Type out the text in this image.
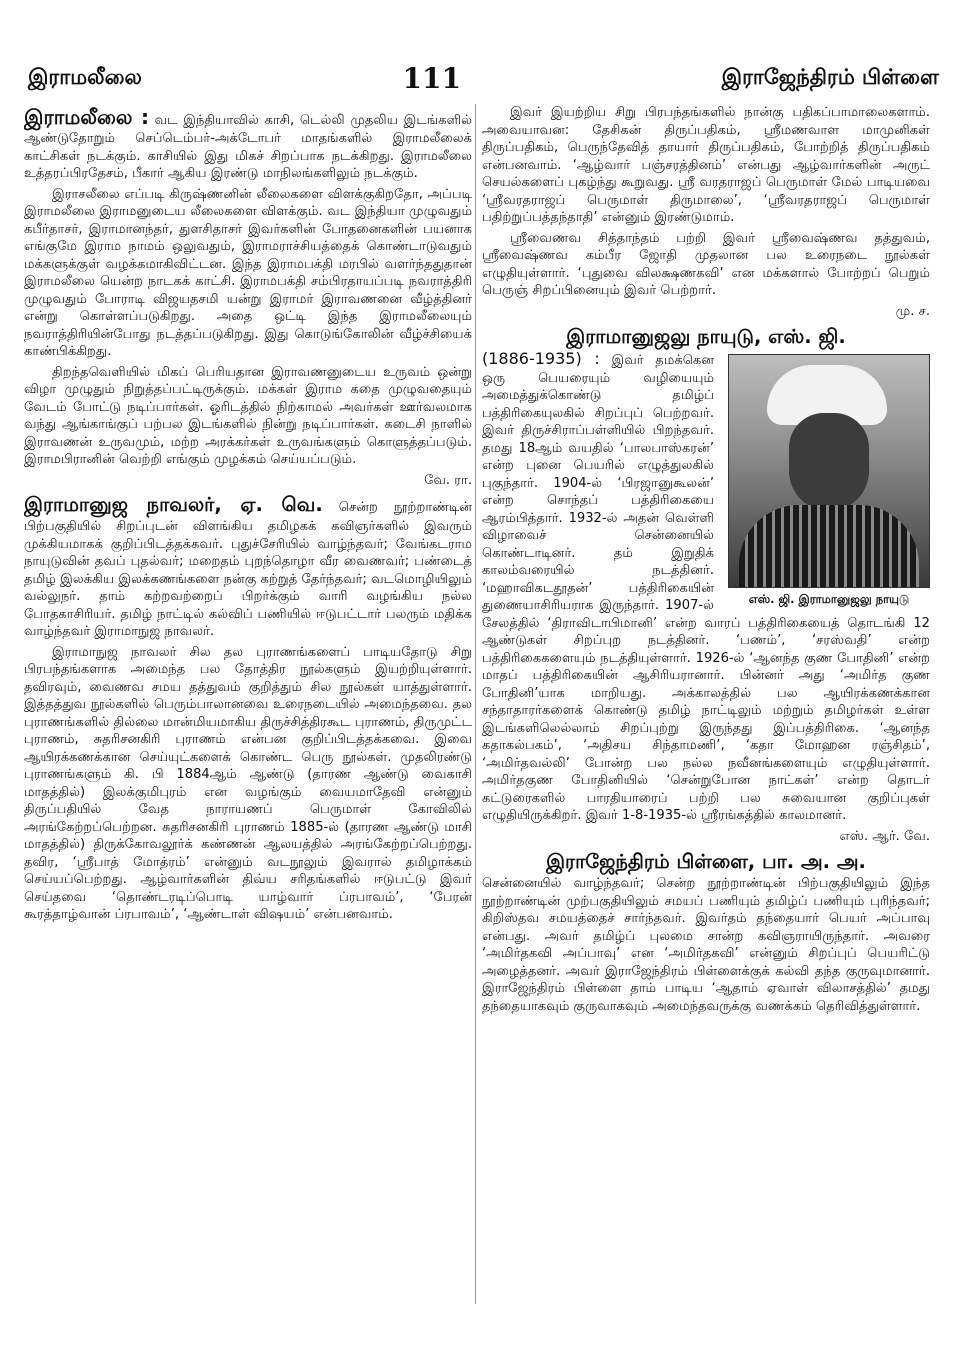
இராமலீலை	111	இராஜேந்திரம் பிள்ளை

இராமலீலை : வட இந்தியாவில் காசி, டெல்லி முதலிய இடங்களில் ஆண்டுதோறும் செப்டெம்பர்-அக்டோபர் மாதங்களில் இராமலீலைக் காட்சிகள் நடக்கும். காசியில் இது மிகச் சிறப்பாக நடக்கிறது. இராமலீலை உத்தரப்பிரதேசம், பீகார் ஆகிய இரண்டு மாநிலங்களிலும் நடக்கும்.

இராசலீலை எப்படி கிருஷ்ணனின் லீலைகளை விளக்குகிறதோ, அப்படி இராமலீலை இராமனுடைய லீலைகளை விளக்கும். வட இந்தியா முழுவதும் கபீர்தாசர், இராமானந்தர், துளசிதாசர் இவர்களின் போதனைகளின் பயனாக எங்குமே இராம நாமம் ஒலுவதும், இராமராச்சியத்தைக் கொண்டாடுவதும் மக்களுக்குள் வழக்கமாகிவிட்டன. இந்த இராமபக்தி மரபில் வளர்ந்ததுதான் இராமலீலை யென்ற நாடகக் காட்சி. இராமபக்தி சம்பிரதாயப்படி நவராத்திரி முழுவதும் போராடி விஜயதசமி யன்று இராமர் இராவணனை வீழ்த்தினர் என்று கொள்ளப்படுகிறது. அதை ஒட்டி இந்த இராமலீலையும் நவராத்திரியின்போது நடத்தப்படுகிறது. இது கொடுங்கோலின் வீழ்ச்சியைக் காண்பிக்கிறது.

திறந்தவெளியில் மிகப் பெரியதான இராவணனுடைய உருவம் ஒன்று விழா முழுதும் நிறுத்தப்பட்டிருக்கும். மக்கள் இராம கதை முழுவதையும் வேடம் போட்டு நடிப்பார்கள். ஓரிடத்தில் நிற்காமல் அவர்கள் ஊர்வலமாக வந்து ஆங்காங்குப் பற்பல இடங்களில் நின்று நடிப்பார்கள். கடைசி நாளில் இராவணன் உருவமும், மற்ற அரக்கர்கள் உருவங்களும் கொளுத்தப்படும். இராமபிரானின் வெற்றி எங்கும் முழக்கம் செய்யப்படும்.

வே. ரா.

இராமானுஜ நாவலர், ஏ. வெ. சென்ற நூற்றாண்டின் பிற்பகுதியில் சிறப்புடன் விளங்கிய தமிழகக் கவிஞர்களில் இவரும் முக்கியமாகக் குறிப்பிடத்தக்கவர். புதுச்சேரியில் வாழ்ந்தவர்; வேங்கடராம நாயுடுவின் தவப் புதல்வர்; மறைதம் புறந்தொழா வீர வைணவர்; பண்டைத் தமிழ் இலக்கிய இலக்கணங்களை நன்கு கற்றுத் தேர்ந்தவர்; வடமொழியிலும் வல்லுநர். தாம் கற்றவற்றைப் பிறர்க்கும் வாரி வழங்கிய நல்ல போதகாசிரியர். தமிழ் நாட்டில் கல்விப் பணியில் ஈடுபட்டார் பலரும் மதிக்க வாழ்ந்தவர் இராமாநுஜ நாவலர்.

இராமாநுஜ நாவலர் சில தல புராணங்களைப் பாடியதோடு சிறு பிரபந்தங்களாக அமைந்த பல தோத்திர நூல்களும் இயற்றியுள்ளார். தவிரவும், வைணவ சமய தத்துவம் குறித்தும் சில நூல்கள் யாத்துள்ளார். இத்தத்துவ நூல்களில் பெரும்பாலானவை உரைநடையில் அமைந்தவை. தல புராணங்களில் தில்லை மான்மியமாகிய திருச்சித்திரகூட புராணம், திருமுட்ட புராணம், சுதரிசனகிரி புராணம் என்பன குறிப்பிடத்தக்கவை. இவை ஆயிரக்கணக்கான செய்யுட்களைக் கொண்ட பெரு நூல்கள். முதலிரண்டு புராணங்களும் கி. பி 1884ஆம் ஆண்டு (தாரண ஆண்டு வைகாசி மாதத்தில்) இலக்குமிபுரம் என வழங்கும் வையமாதேவி என்னும் திருப்பதியில் வேத நாராயணப் பெருமாள் கோவிலில் அரங்கேற்றப்பெற்றன. சுதரிசனகிரி புராணம் 1885-ல் (தாரண ஆண்டு மாசி மாதத்தில்) திருக்கோவலூர்க் கண்ணன் ஆலயத்தில் அரங்கேற்றப்பெற்றது. தவிர, ‘ஸ்ரீபாத் மோத்ரம்’ என்னும் வடநூலும் இவரால் தமிழாக்கம் செய்யப்பெற்றது. ஆழ்வார்களின் திவ்ய சரிதங்களில் ஈடுபட்டு இவர் செய்தவை ‘தொண்டரடிப்பொடி யாழ்வார் ப்ரபாவம்’, ‘பேரன் கூரத்தாழ்வான் ப்ரபாவம்’, ‘ஆண்டாள் விஷயம்’ என்பனவாம்.

இவர் இயற்றிய சிறு பிரபந்தங்களில் நான்கு பதிகப்பாமாலைகளாம். அவையாவன: தேசிகன் திருப்பதிகம், ஸ்ரீமணவாள மாமுனிகள் திருப்பதிகம், பெருந்தேவித் தாயார் திருப்பதிகம், போற்றித் திருப்பதிகம் என்பனவாம். ‘ஆழ்வார் பஞ்சரத்தினம்’ என்பது ஆழ்வார்களின் அருட் செயல்களைப் புகழ்ந்து கூறுவது. ஸ்ரீ வரதராஜப் பெருமாள் மேல் பாடியவை ‘ஸ்ரீவரதராஜப் பெருமாள் திருமாலை’, ‘ஸ்ரீவரதராஜப் பெருமாள் பதிற்றுப்பத்தந்தாதி’ என்னும் இரண்டுமாம்.

ஸ்ரீவைணவ சித்தாந்தம் பற்றி இவர் ஸ்ரீவைஷ்ணவ தத்துவம், ஸ்ரீவைஷ்ணவ கம்பீர ஜோதி முதலான பல உரைநடை நூல்கள் எழுதியுள்ளார். ‘புதுவை விலக்ஷணகவி’ என மக்களால் போற்றப் பெறும் பெருஞ் சிறப்பினையும் இவர் பெற்றார்.

மு. ச.

இராமானுஜலு நாயுடு, எஸ். ஜி.
எஸ். ஜி. இராமானுஜலு நாயுடு

(1886-1935) : இவர் தமக்கென ஒரு பெயரையும் வழியையும் அமைத்துக்கொண்டு தமிழ்ப் பத்திரிகையுலகில் சிறப்புப் பெற்றவர். இவர் திருச்சிராப்பள்ளியில் பிறந்தவர். தமது 18ஆம் வயதில் ‘பாலபாஸ்கரன்’ என்ற புனை பெயரில் எழுத்துலகில் புகுந்தார். 1904-ல் ‘பிரஜானுகூலன்’ என்ற சொந்தப் பத்திரிகையை ஆரம்பித்தார். 1932-ல் அதன் வெள்ளி விழாவைச் சென்னையில் கொண்டாடினர். தம் இறுதிக் காலம்வரையில் நடத்தினர். ‘மஹாவிகடதூதன்’ பத்திரிகையின் துணையாசிரியராக இருந்தார். 1907-ல் சேலத்தில் ‘திராவிடாபிமானி’ என்ற வாரப் பத்திரிகையைத் தொடங்கி 12 ஆண்டுகள் சிறப்புற நடத்தினர். ‘பணம்’, ‘சரஸ்வதி’ என்ற பத்திரிகைகளையும் நடத்தியுள்ளார். 1926-ல் ‘ஆனந்த குண போதினி’ என்ற மாதப் பத்திரிகையின் ஆசிரியரானார். பின்னர் அது ‘அமிர்த குண போதினி’யாக மாறியது. அக்காலத்தில் பல ஆயிரக்கணக்கான சந்தாதாரர்களைக் கொண்டு தமிழ் நாட்டிலும் மற்றும் தமிழர்கள் உள்ள இடங்களிலெல்லாம் சிறப்புற்று இருந்தது இப்பத்திரிகை. ‘ஆனந்த கதாகல்பகம்’, ‘அதிசய சிந்தாமணி’, ‘கதா மோஹன ரஞ்சிதம்’, ‘அமிர்தவல்லி’ போன்ற பல நல்ல நவீனங்களையும் எழுதியுள்ளார். அமிர்தகுண போதினியில் ‘சென்றுபோன நாட்கள்’ என்ற தொடர் கட்டுரைகளில் பாரதியாரைப் பற்றி பல சுவையான குறிப்புகள் எழுதியிருக்கிறர். இவர் 1-8-1935-ல் ஸ்ரீரங்கத்தில் காலமானர்.

எஸ். ஆர். வே.

இராஜேந்திரம் பிள்ளை, பா. அ. அ.

சென்னையில் வாழ்ந்தவர்; சென்ற நூற்றாண்டின் பிற்பகுதியிலும் இந்த நூற்றாண்டின் முற்பகுதியிலும் சமயப் பணியும் தமிழ்ப் பணியும் புரிந்தவர்; கிறிஸ்தவ சமயத்தைச் சார்ந்தவர். இவர்தம் தந்தையார் பெயர் அப்பாவு என்பது. அவர் தமிழ்ப் புலமை சான்ற கவிஞராயிருந்தார். அவரை ‘அமிர்தகவி அப்பாவு’ என ‘அமிர்தகவி’ என்னும் சிறப்புப் பெயரிட்டு அழைத்தனர். அவர் இராஜேந்திரம் பிள்ளைக்குக் கல்வி தந்த குருவுமானார். இராஜேந்திரம் பிள்ளை தாம் பாடிய ‘ஆதாம் ஏவாள் விலாசத்தில்’ தமது தந்தையாகவும் குருவாகவும் அமைந்தவருக்கு வணக்கம் தெரிவித்துள்ளார்.
